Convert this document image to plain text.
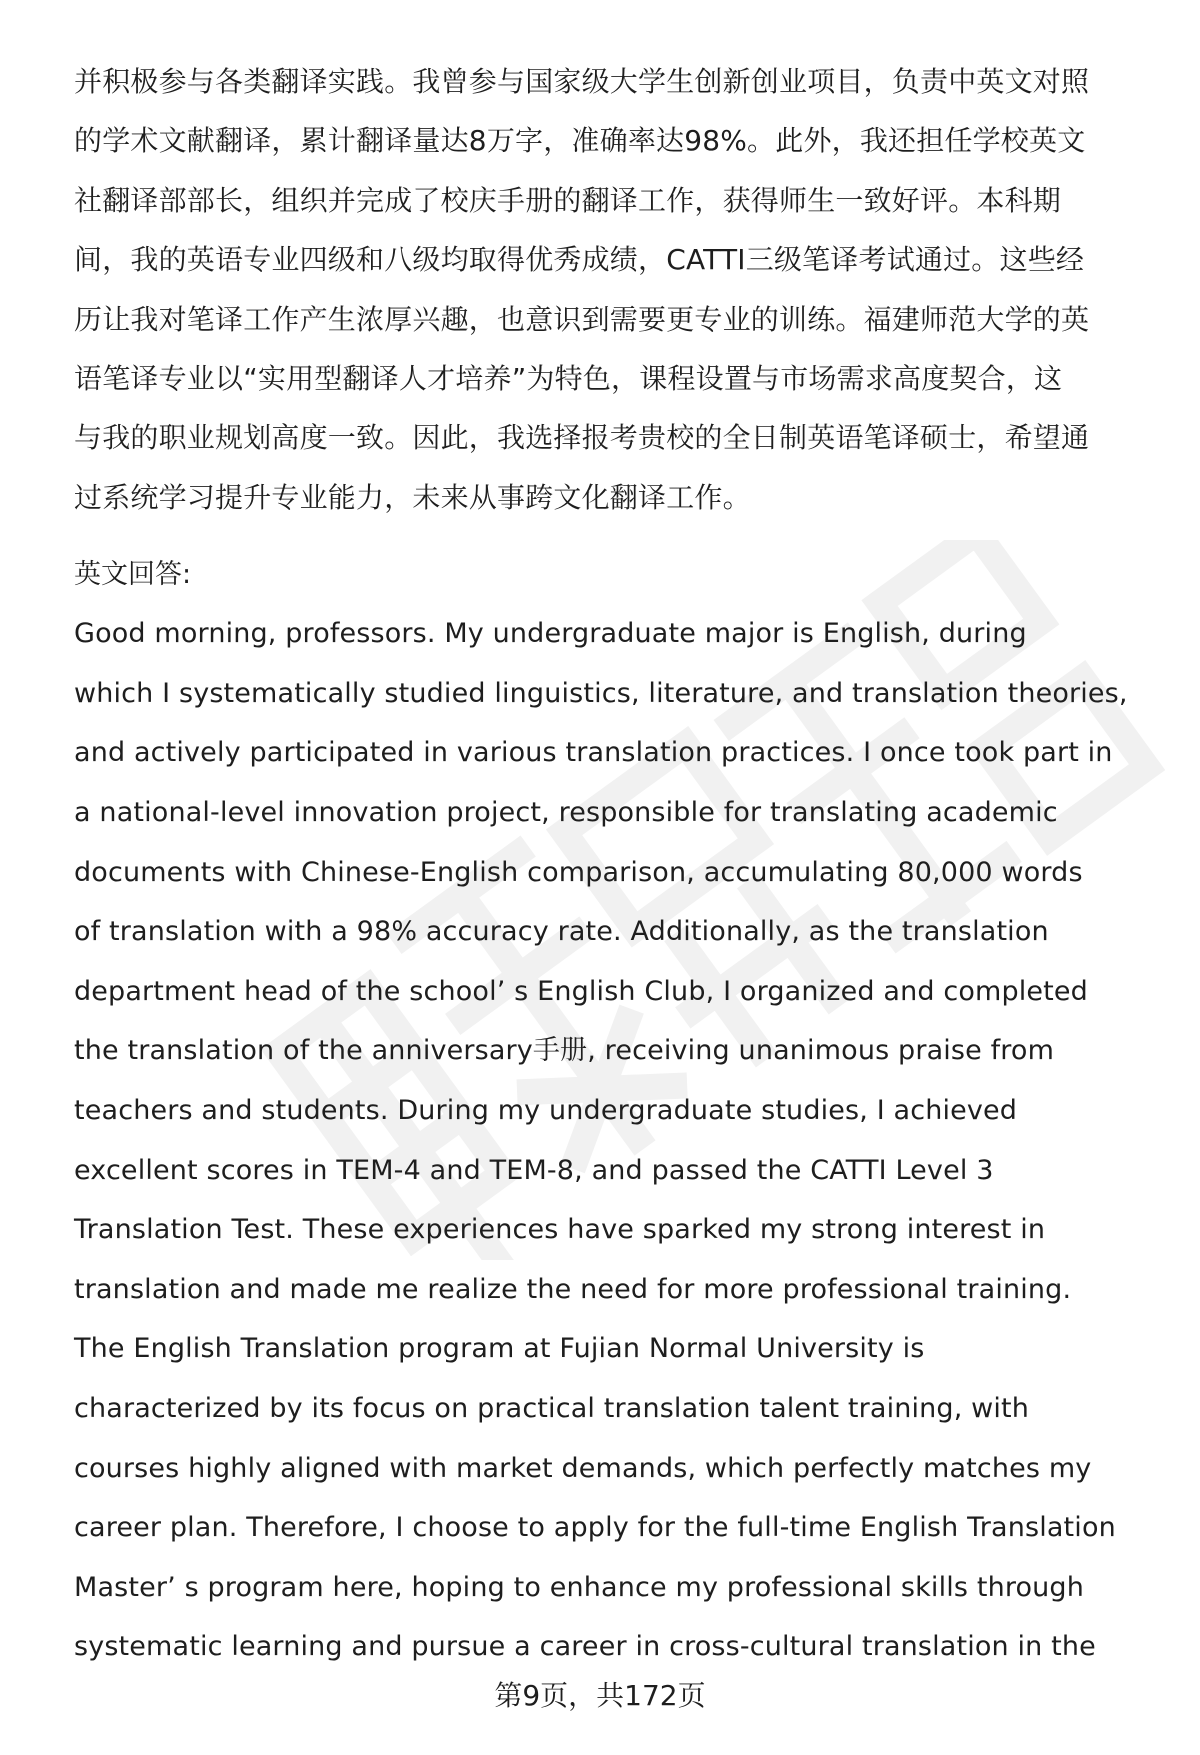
并积极参与各类翻译实践。我曾参与国家级大学生创新创业项目，负责中英文对照
的学术文献翻译，累计翻译量达8万字，准确率达98%。此外，我还担任学校英文
社翻译部部长，组织并完成了校庆手册的翻译工作，获得师生一致好评。本科期
间，我的英语专业四级和八级均取得优秀成绩，CATTI三级笔译考试通过。这些经
历让我对笔译工作产生浓厚兴趣，也意识到需要更专业的训练。福建师范大学的英
语笔译专业以“实用型翻译人才培养”为特色，课程设置与市场需求高度契合，这
与我的职业规划高度一致。因此，我选择报考贵校的全日制英语笔译硕士，希望通
过系统学习提升专业能力，未来从事跨文化翻译工作。

英文回答:

Good morning, professors. My undergraduate major is English, during
which I systematically studied linguistics, literature, and translation theories,
and actively participated in various translation practices. I once took part in
a national-level innovation project, responsible for translating academic
documents with Chinese-English comparison, accumulating 80,000 words
of translation with a 98% accuracy rate. Additionally, as the translation
department head of the school’ s English Club, I organized and completed
the translation of the anniversary手册, receiving unanimous praise from
teachers and students. During my undergraduate studies, I achieved
excellent scores in TEM-4 and TEM-8, and passed the CATTI Level 3
Translation Test. These experiences have sparked my strong interest in
translation and made me realize the need for more professional training.
The English Translation program at Fujian Normal University is
characterized by its focus on practical translation talent training, with
courses highly aligned with market demands, which perfectly matches my
career plan. Therefore, I choose to apply for the full-time English Translation
Master’ s program here, hoping to enhance my professional skills through
systematic learning and pursue a career in cross-cultural translation in the

第9页，共172页
